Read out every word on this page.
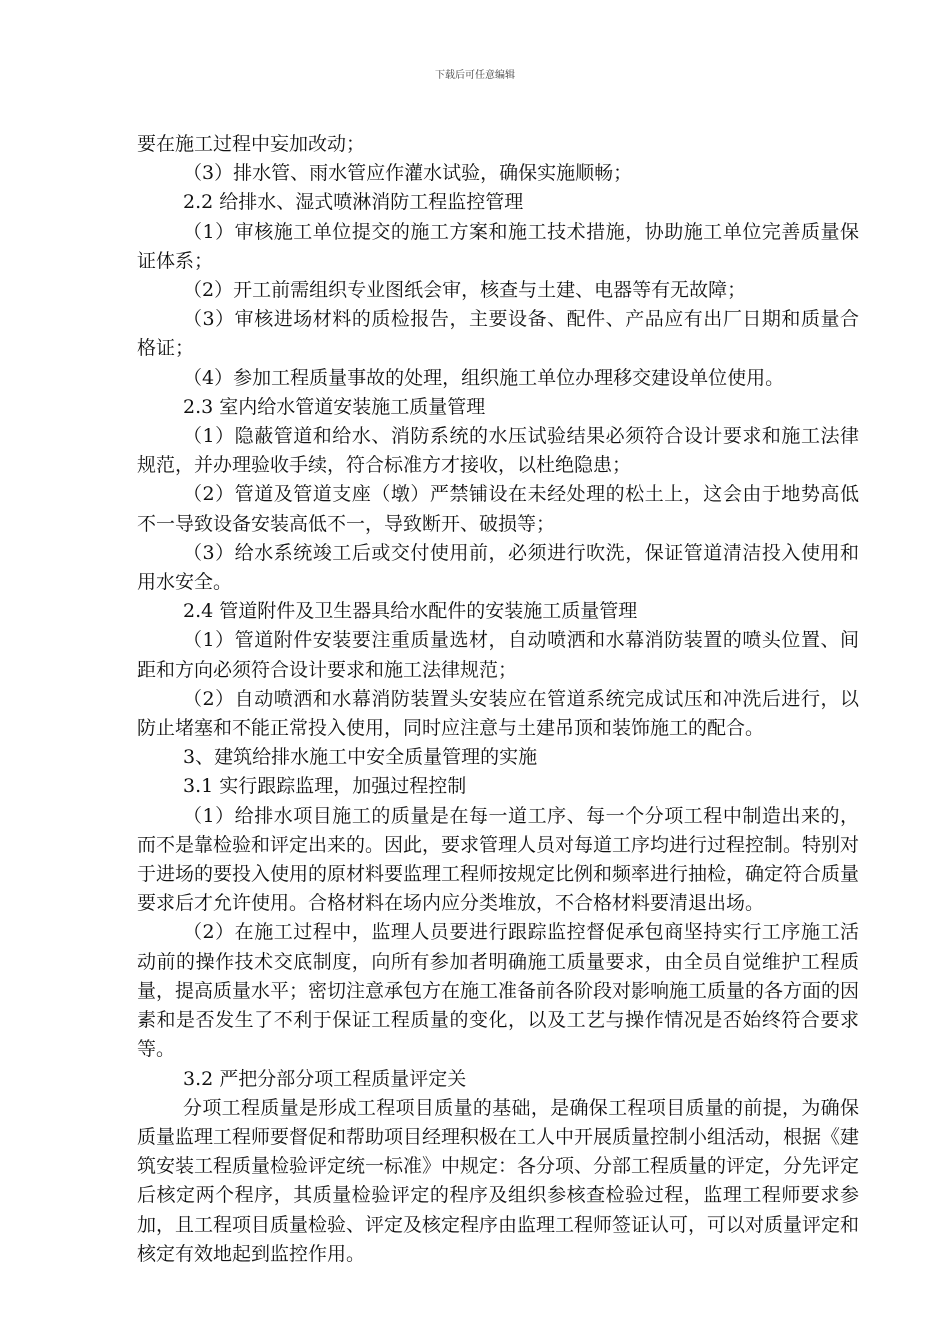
下载后可任意编辑

要在施工过程中妄加改动；

（3）排水管、雨水管应作灌水试验，确保实施顺畅；

2.2 给排水、湿式喷淋消防工程监控管理

（1）审核施工单位提交的施工方案和施工技术措施，协助施工单位完善质量保证体系；

（2）开工前需组织专业图纸会审，核查与土建、电器等有无故障；

（3）审核进场材料的质检报告，主要设备、配件、产品应有出厂日期和质量合格证；

（4）参加工程质量事故的处理，组织施工单位办理移交建设单位使用。

2.3 室内给水管道安装施工质量管理

（1）隐蔽管道和给水、消防系统的水压试验结果必须符合设计要求和施工法律规范，并办理验收手续，符合标准方才接收，以杜绝隐患；

（2）管道及管道支座（墩）严禁铺设在未经处理的松土上，这会由于地势高低不一导致设备安装高低不一，导致断开、破损等；

（3）给水系统竣工后或交付使用前，必须进行吹洗，保证管道清洁投入使用和用水安全。

2.4 管道附件及卫生器具给水配件的安装施工质量管理

（1）管道附件安装要注重质量选材，自动喷洒和水幕消防装置的喷头位置、间距和方向必须符合设计要求和施工法律规范；

（2）自动喷洒和水幕消防装置头安装应在管道系统完成试压和冲洗后进行，以防止堵塞和不能正常投入使用，同时应注意与土建吊顶和装饰施工的配合。

3、建筑给排水施工中安全质量管理的实施

3.1 实行跟踪监理，加强过程控制

（1）给排水项目施工的质量是在每一道工序、每一个分项工程中制造出来的，而不是靠检验和评定出来的。因此，要求管理人员对每道工序均进行过程控制。特别对于进场的要投入使用的原材料要监理工程师按规定比例和频率进行抽检，确定符合质量要求后才允许使用。合格材料在场内应分类堆放，不合格材料要清退出场。

（2）在施工过程中，监理人员要进行跟踪监控督促承包商坚持实行工序施工活动前的操作技术交底制度，向所有参加者明确施工质量要求，由全员自觉维护工程质量，提高质量水平；密切注意承包方在施工准备前各阶段对影响施工质量的各方面的因素和是否发生了不利于保证工程质量的变化，以及工艺与操作情况是否始终符合要求等。

3.2 严把分部分项工程质量评定关

分项工程质量是形成工程项目质量的基础，是确保工程项目质量的前提，为确保质量监理工程师要督促和帮助项目经理积极在工人中开展质量控制小组活动，根据《建筑安装工程质量检验评定统一标准》中规定：各分项、分部工程质量的评定，分先评定后核定两个程序，其质量检验评定的程序及组织参核查检验过程，监理工程师要求参加，且工程项目质量检验、评定及核定程序由监理工程师签证认可，可以对质量评定和核定有效地起到监控作用。
